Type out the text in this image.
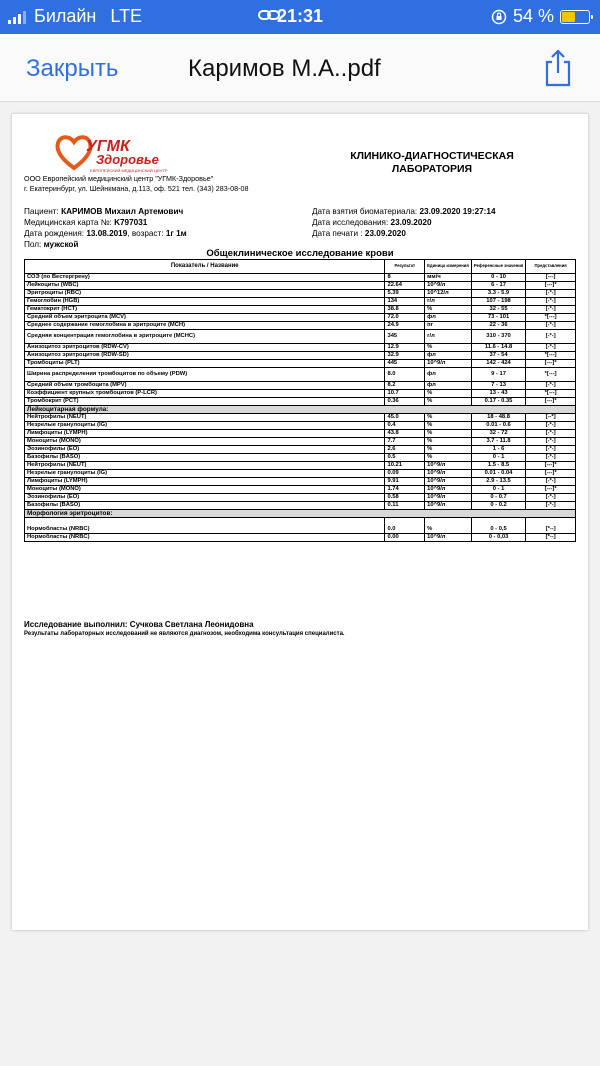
Билайн LTE	21:31	54 %
Закрыть	Каримов М.А..pdf
УГМК
Здоровье
ЕВРОПЕЙСКИЙ МЕДИЦИНСКИЙ ЦЕНТР
ООО Европейский медицинский центр "УГМК-Здоровье"
г. Екатеринбург, ул. Шейнкмана, д.113, оф. 521 тел. (343) 283-08-08
КЛИНИКО-ДИАГНОСТИЧЕСКАЯ
ЛАБОРАТОРИЯ
Пациент: КАРИМОВ Михаил Артемович
Медицинская карта №: K797031
Дата рождения: 13.08.2019, возраст: 1г 1м
Пол: мужской
Дата взятия биоматериала: 23.09.2020 19:27:14
Дата исследования: 23.09.2020
Дата печати : 23.09.2020
Общеклиническое исследование крови
Показатель / Название	Результат	Единица измерения	Референсные значения	Представления
СОЭ (по Вестергрену)	8	мм/ч	0 - 10	[---]
Лейкоциты (WBC)	22.64	10^9/л	6 - 17	[---]*
Эритроциты (RBC)	5.39	10^12/л	3.3 - 5.9	[-*-]
Гемоглобин (HGB)	134	г/л	107 - 198	[-*-]
Гематокрит (HCT)	38.8	%	32 - 55	[-*-]
Средний объем эритроцита (MCV)	72.0	фл	73 - 101	*[---]
Среднее содержание гемоглобина в эритроците (MCH)	24.9	пг	22 - 36	[-*-]
Средняя концентрация гемоглобина в эритроците (MCHC)	345	г/л	310 - 370	[-*-]
Анизоцитоз эритроцитов (RDW-CV)	12.9	%	11.6 - 14.8	[-*-]
Анизоцитоз эритроцитов (RDW-SD)	32.9	фл	37 - 54	*[---]
Тромбоциты (PLT)	445	10^9/л	142 - 424	[---]*
Ширина распределения тромбоцитов по объему (PDW)	8.0	фл	9 - 17	*[---]
Средний объем тромбоцита (MPV)	8.2	фл	7 - 13	[-*-]
Коэффициент крупных тромбоцитов (P-LCR)	10.7	%	13 - 43	*[---]
Тромбокрит (PCT)	0.36	%	0.17 - 0.35	[---]*
Лейкоцитарная формула:				
Нейтрофилы (NEUT)	45.0	%	18 - 48.8	[--*]
Незрелые гранулоциты (IG)	0.4	%	0.01 - 0.6	[-*-]
Лимфоциты (LYMPH)	43.8	%	32 - 72	[-*-]
Моноциты (MONO)	7.7	%	3.7 - 11.8	[-*-]
Эозинофилы (EO)	2.6	%	1 - 6	[-*-]
Базофилы (BASO)	0.5	%	0 - 1	[-*-]
Нейтрофилы (NEUT)	10.21	10^9/л	1.5 - 8.5	[---]*
Незрелые гранулоциты (IG)	0.09	10^9/л	0.01 - 0.04	[---]*
Лимфоциты (LYMPH)	9.91	10^9/л	2.9 - 13.5	[-*-]
Моноциты (MONO)	1.74	10^9/л	0 - 1	[---]*
Эозинофилы (EO)	0.58	10^9/л	0 - 0.7	[-*-]
Базофилы (BASO)	0.11	10^9/л	0 - 0.2	[-*-]
Морфология эритроцитов:				
Нормобласты (NRBC)	0.0	%	0 - 0,5	[*--]
Нормобласты (NRBC)	0.00	10^9/л	0 - 0,03	[*--]
Исследование выполнил: Сучкова Светлана Леонидовна
Результаты лабораторных исследований не являются диагнозом, необходима консультация специалиста.
